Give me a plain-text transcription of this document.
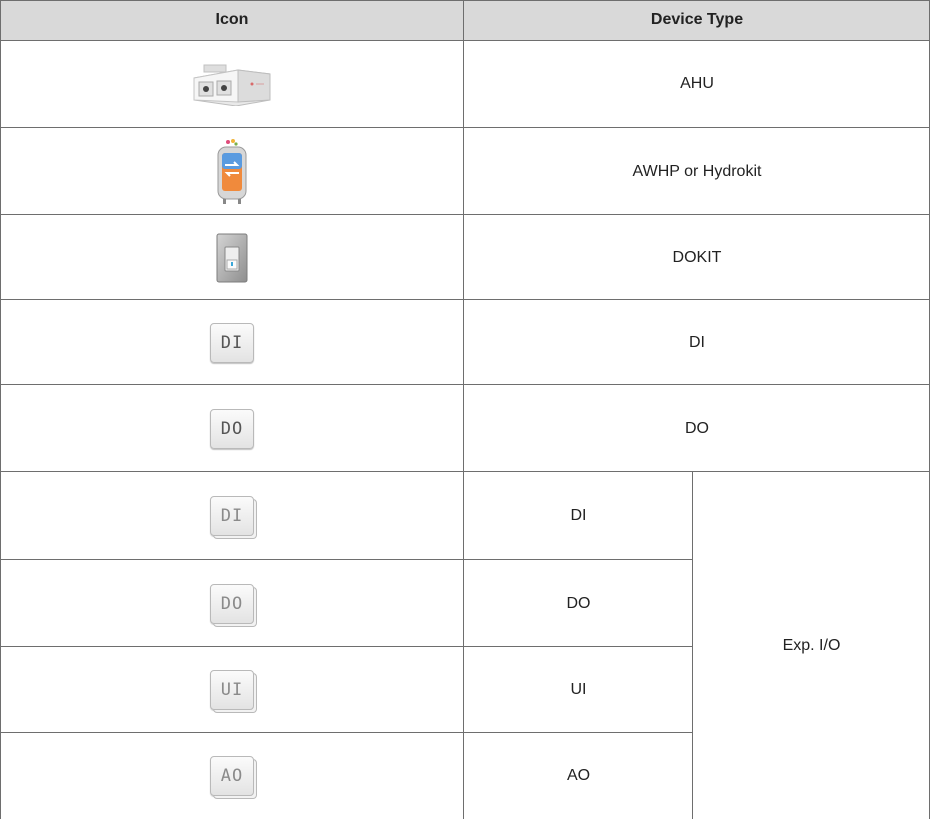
Icon	Device Type
AHU
AWHP or Hydrokit
DOKIT
DI	DI
DO	DO
DI	DI
DO	DO
UI	UI
AO	AO
Exp. I/O
